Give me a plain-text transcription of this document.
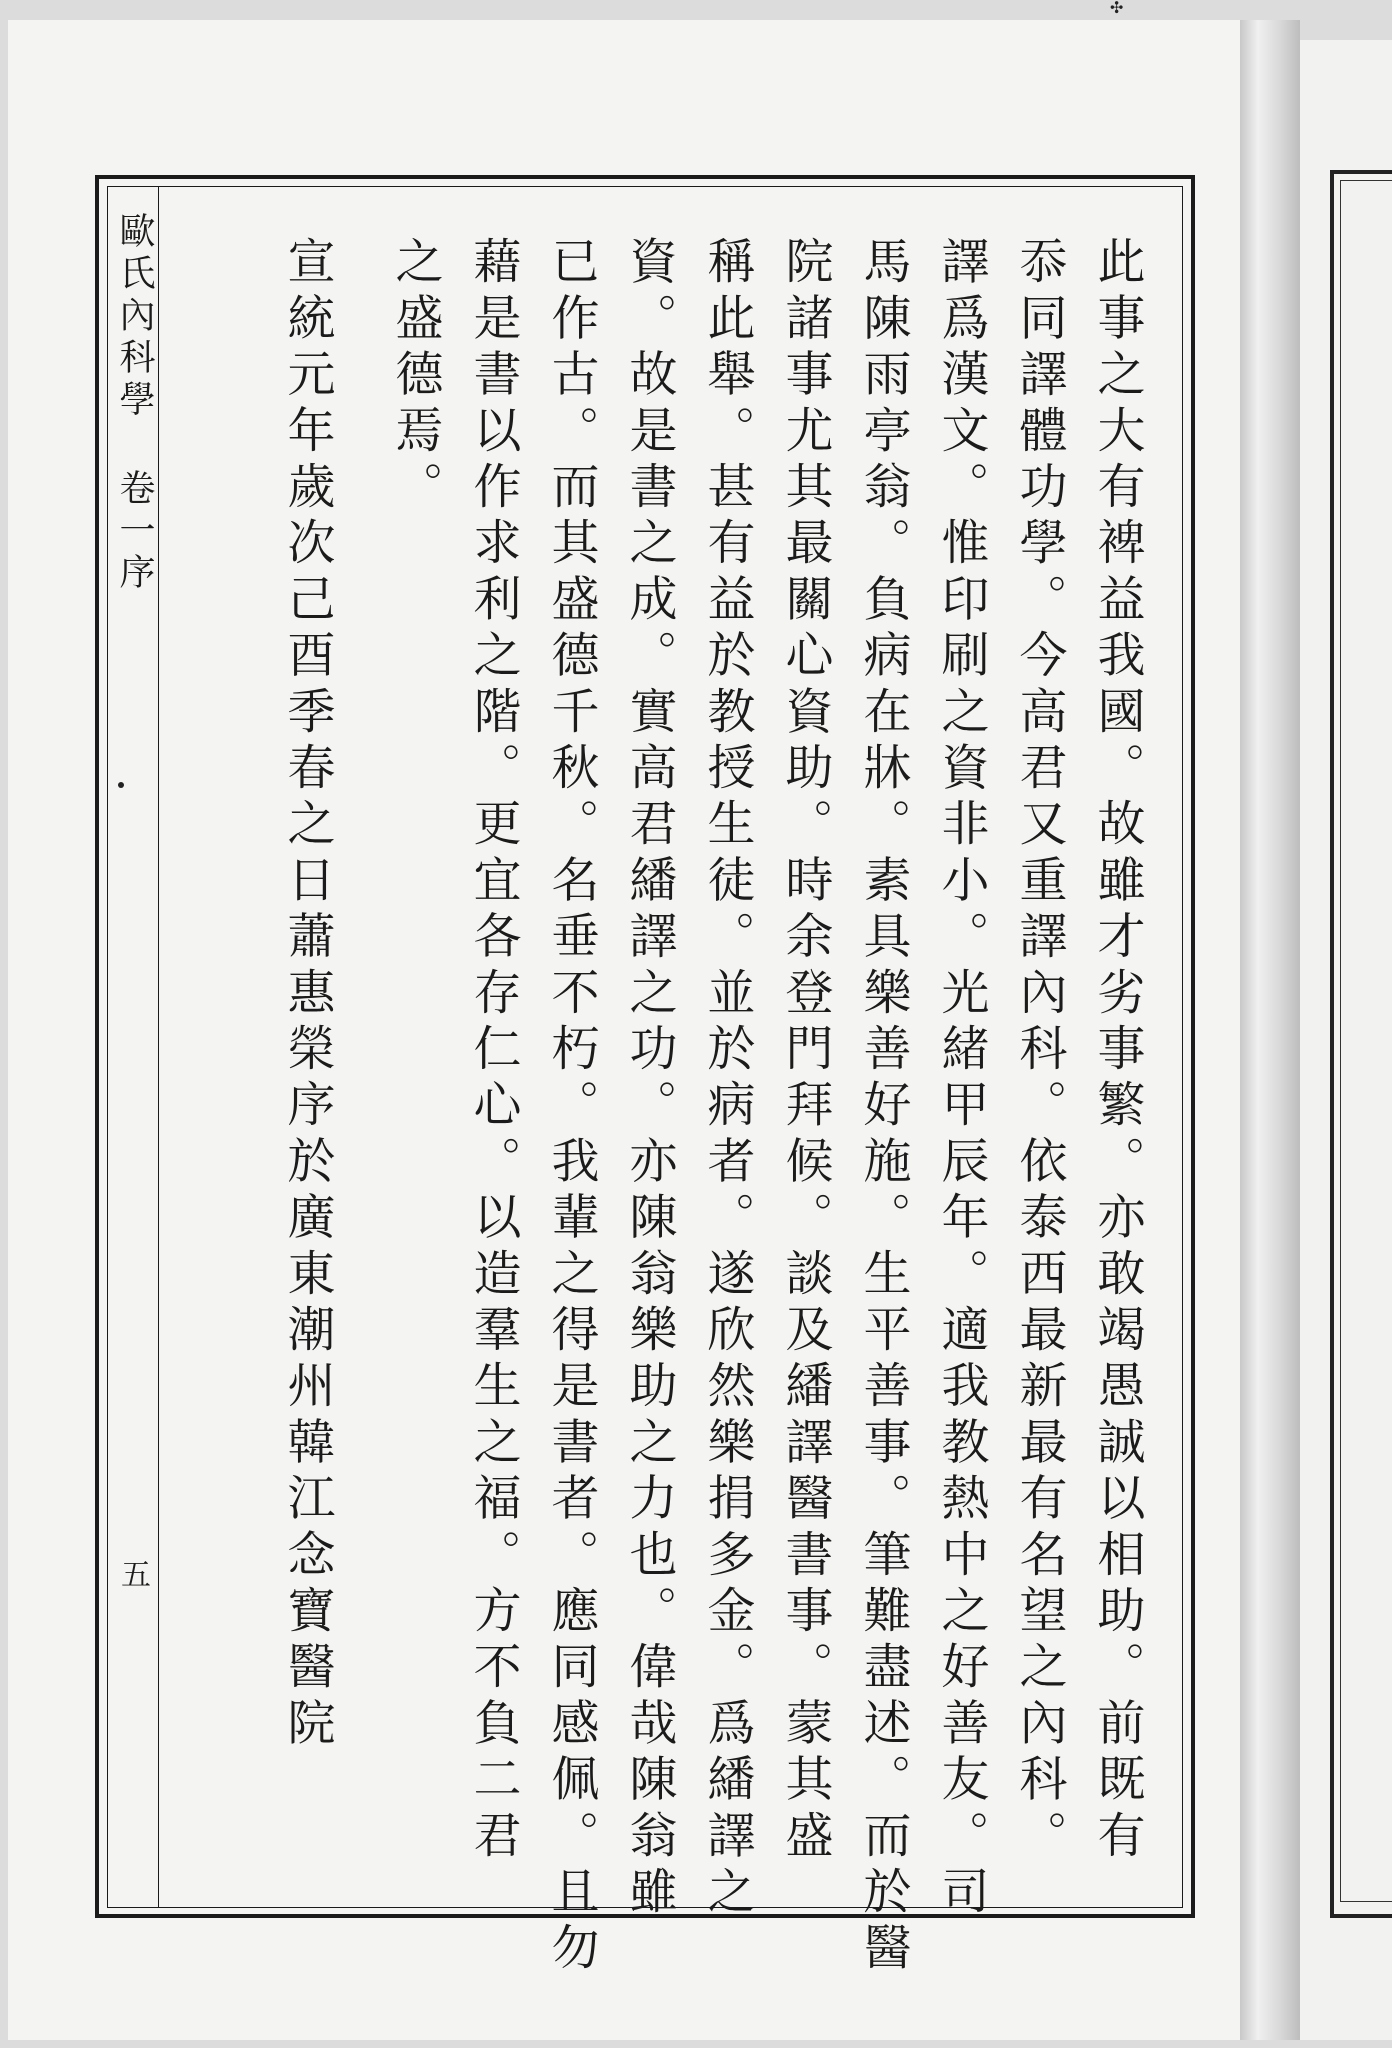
✣
歐氏內科學 卷一序
五	此事之大有裨益我國。故雖才劣事繁。亦敢竭愚誠以相助。前既有
忝同譯體功學。今高君又重譯內科。依泰西最新最有名望之內科。
譯爲漢文。惟印刷之資非小。光緒甲辰年。適我教熱中之好善友。司
馬陳雨亭翁。負病在牀。素具樂善好施。生平善事。筆難盡述。而於醫
院諸事尤其最關心資助。時余登門拜候。談及繙譯醫書事。蒙其盛
稱此舉。甚有益於教授生徒。並於病者。遂欣然樂捐多金。爲繙譯之
資。故是書之成。實高君繙譯之功。亦陳翁樂助之力也。偉哉陳翁雖
已作古。而其盛德千秋。名垂不朽。我輩之得是書者。應同感佩。且勿
藉是書以作求利之階。更宜各存仁心。以造羣生之福。方不負二君
之盛德焉。
宣統元年歲次己酉季春之日蕭惠榮序於廣東潮州韓江念寶醫院
